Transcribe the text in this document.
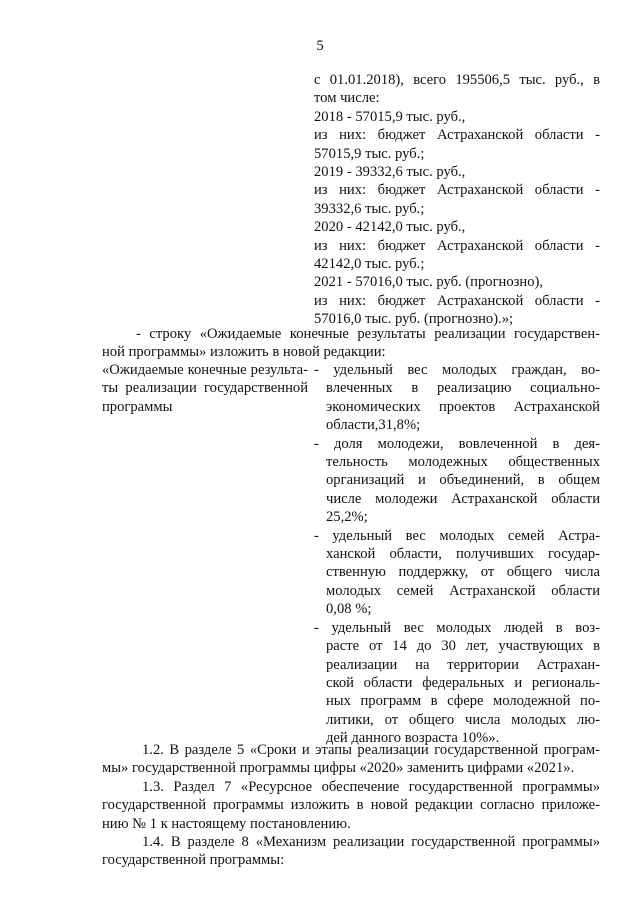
5
с 01.01.2018), всего 195506,5 тыс. руб., в
том числе:
2018 - 57015,9 тыс. руб.,
из них: бюджет Астраханской области -
57015,9 тыс. руб.;
2019 - 39332,6 тыс. руб.,
из них: бюджет Астраханской области -
39332,6 тыс. руб.;
2020 - 42142,0 тыс. руб.,
из них: бюджет Астраханской области -
42142,0 тыс. руб.;
2021 - 57016,0 тыс. руб. (прогнозно),
из них: бюджет Астраханской области -
57016,0 тыс. руб. (прогнозно).»;
- строку «Ожидаемые конечные результаты реализации государствен-
ной программы» изложить в новой редакции:
«Ожидаемые конечные результа-
ты реализации государственной
программы
- удельный вес молодых граждан, во-
влеченных в реализацию социально-
экономических проектов Астраханской
области,31,8%;
- доля молодежи, вовлеченной в дея-
тельность молодежных общественных
организаций и объединений, в общем
числе молодежи Астраханской области
25,2%;
- удельный вес молодых семей Астра-
ханской области, получивших государ-
ственную поддержку, от общего числа
молодых семей Астраханской области
0,08 %;
- удельный вес молодых людей в воз-
расте от 14 до 30 лет, участвующих в
реализации на территории Астрахан-
ской области федеральных и региональ-
ных программ в сфере молодежной по-
литики, от общего числа молодых лю-
дей данного возраста 10%».
1.2. В разделе 5 «Сроки и этапы реализации государственной програм-
мы» государственной программы цифры «2020» заменить цифрами «2021».
1.3. Раздел 7 «Ресурсное обеспечение государственной программы»
государственной программы изложить в новой редакции согласно приложе-
нию № 1 к настоящему постановлению.
1.4. В разделе 8 «Механизм реализации государственной программы»
государственной программы:
